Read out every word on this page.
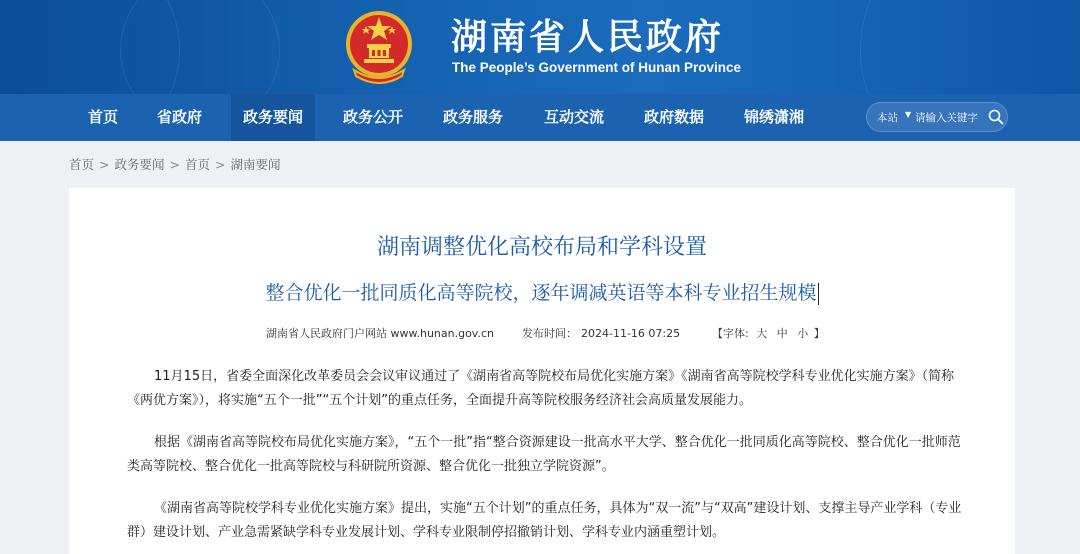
湖南省人民政府
The People’s Government of Hunan Province
首页	省政府	政务要闻	政务公开	政务服务	互动交流	政府数据	锦绣潇湘	本站 ▼
请输入关键字
首页 > 政务要闻 > 首页 > 湖南要闻
湖南调整优化高校布局和学科设置
整合优化一批同质化高等院校，逐年调减英语等本科专业招生规模
湖南省人民政府门户网站 www.hunan.gov.cn	发布时间： 2024-11-16 07:25	【字体: 大 中 小 】

11月15日，省委全面深化改革委员会会议审议通过了《湖南省高等院校布局优化实施方案》《湖南省高等院校学科专业优化实施方案》（简称《两优方案》），将实施“五个一批”“五个计划”的重点任务，全面提升高等院校服务经济社会高质量发展能力。

根据《湖南省高等院校布局优化实施方案》，“五个一批”指“整合资源建设一批高水平大学、整合优化一批同质化高等院校、整合优化一批师范类高等院校、整合优化一批高等院校与科研院所资源、整合优化一批独立学院资源”。

《湖南省高等院校学科专业优化实施方案》提出，实施“五个计划”的重点任务，具体为“双一流”与“双高”建设计划、支撑主导产业学科（专业群）建设计划、产业急需紧缺学科专业发展计划、学科专业限制停招撤销计划、学科专业内涵重塑计划。
